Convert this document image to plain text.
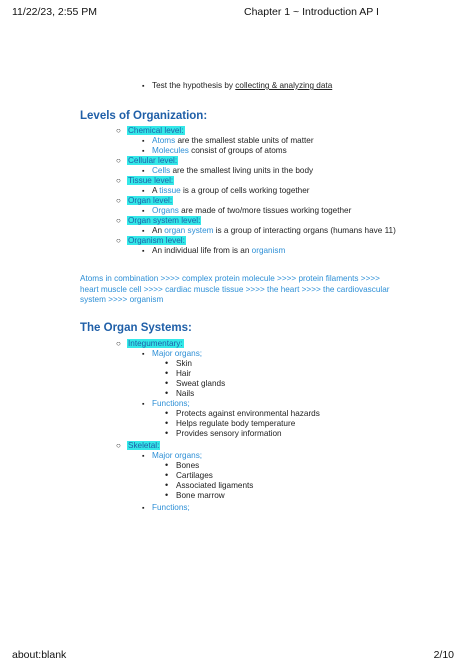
11/22/23, 2:55 PM	Chapter 1 ~ Introduction AP I
▪ Test the hypothesis by collecting & analyzing data
Levels of Organization:
○ Chemical level:
▪ Atoms are the smallest stable units of matter
▪ Molecules consist of groups of atoms
○ Cellular level:
▪ Cells are the smallest living units in the body
○ Tissue level:
▪ A tissue is a group of cells working together
○ Organ level:
▪ Organs are made of two/more tissues working together
○ Organ system level:
▪ An organ system is a group of interacting organs (humans have 11)
○ Organism level:
▪ An individual life from is an organism
Atoms in combination >>>> complex protein molecule >>>> protein filaments >>>>
heart muscle cell >>>> cardiac muscle tissue >>>> the heart >>>> the cardiovascular
system >>>> organism
The Organ Systems:
○ Integumentary:
▪ Major organs;
• Skin
• Hair
• Sweat glands
• Nails
▪ Functions;
• Protects against environmental hazards
• Helps regulate body temperature
• Provides sensory information
○ Skeletal:
▪ Major organs;
• Bones
• Cartilages
• Associated ligaments
• Bone marrow
▪ Functions;
about:blank	2/10
